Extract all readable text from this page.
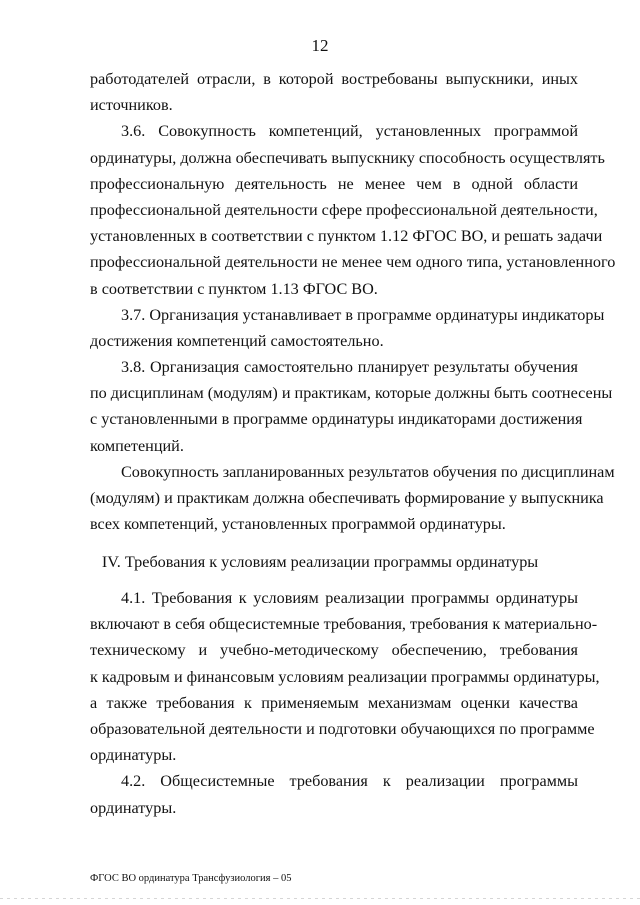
12
работодателей отрасли, в которой востребованы выпускники, иных
источников.
3.6. Совокупность компетенций, установленных программой
ординатуры, должна обеспечивать выпускнику способность осуществлять
профессиональную деятельность не менее чем в одной области
профессиональной деятельности сфере профессиональной деятельности,
установленных в соответствии с пунктом 1.12 ФГОС ВО, и решать задачи
профессиональной деятельности не менее чем одного типа, установленного
в соответствии с пунктом 1.13 ФГОС ВО.
3.7. Организация устанавливает в программе ординатуры индикаторы
достижения компетенций самостоятельно.
3.8. Организация самостоятельно планирует результаты обучения
по дисциплинам (модулям) и практикам, которые должны быть соотнесены
с установленными в программе ординатуры индикаторами достижения
компетенций.
Совокупность запланированных результатов обучения по дисциплинам
(модулям) и практикам должна обеспечивать формирование у выпускника
всех компетенций, установленных программой ординатуры.
IV. Требования к условиям реализации программы ординатуры
4.1. Требования к условиям реализации программы ординатуры
включают в себя общесистемные требования, требования к материально-
техническому и учебно-методическому обеспечению, требования
к кадровым и финансовым условиям реализации программы ординатуры,
а также требования к применяемым механизмам оценки качества
образовательной деятельности и подготовки обучающихся по программе
ординатуры.
4.2. Общесистемные требования к реализации программы
ординатуры.
ФГОС ВО ординатура Трансфузиология – 05
